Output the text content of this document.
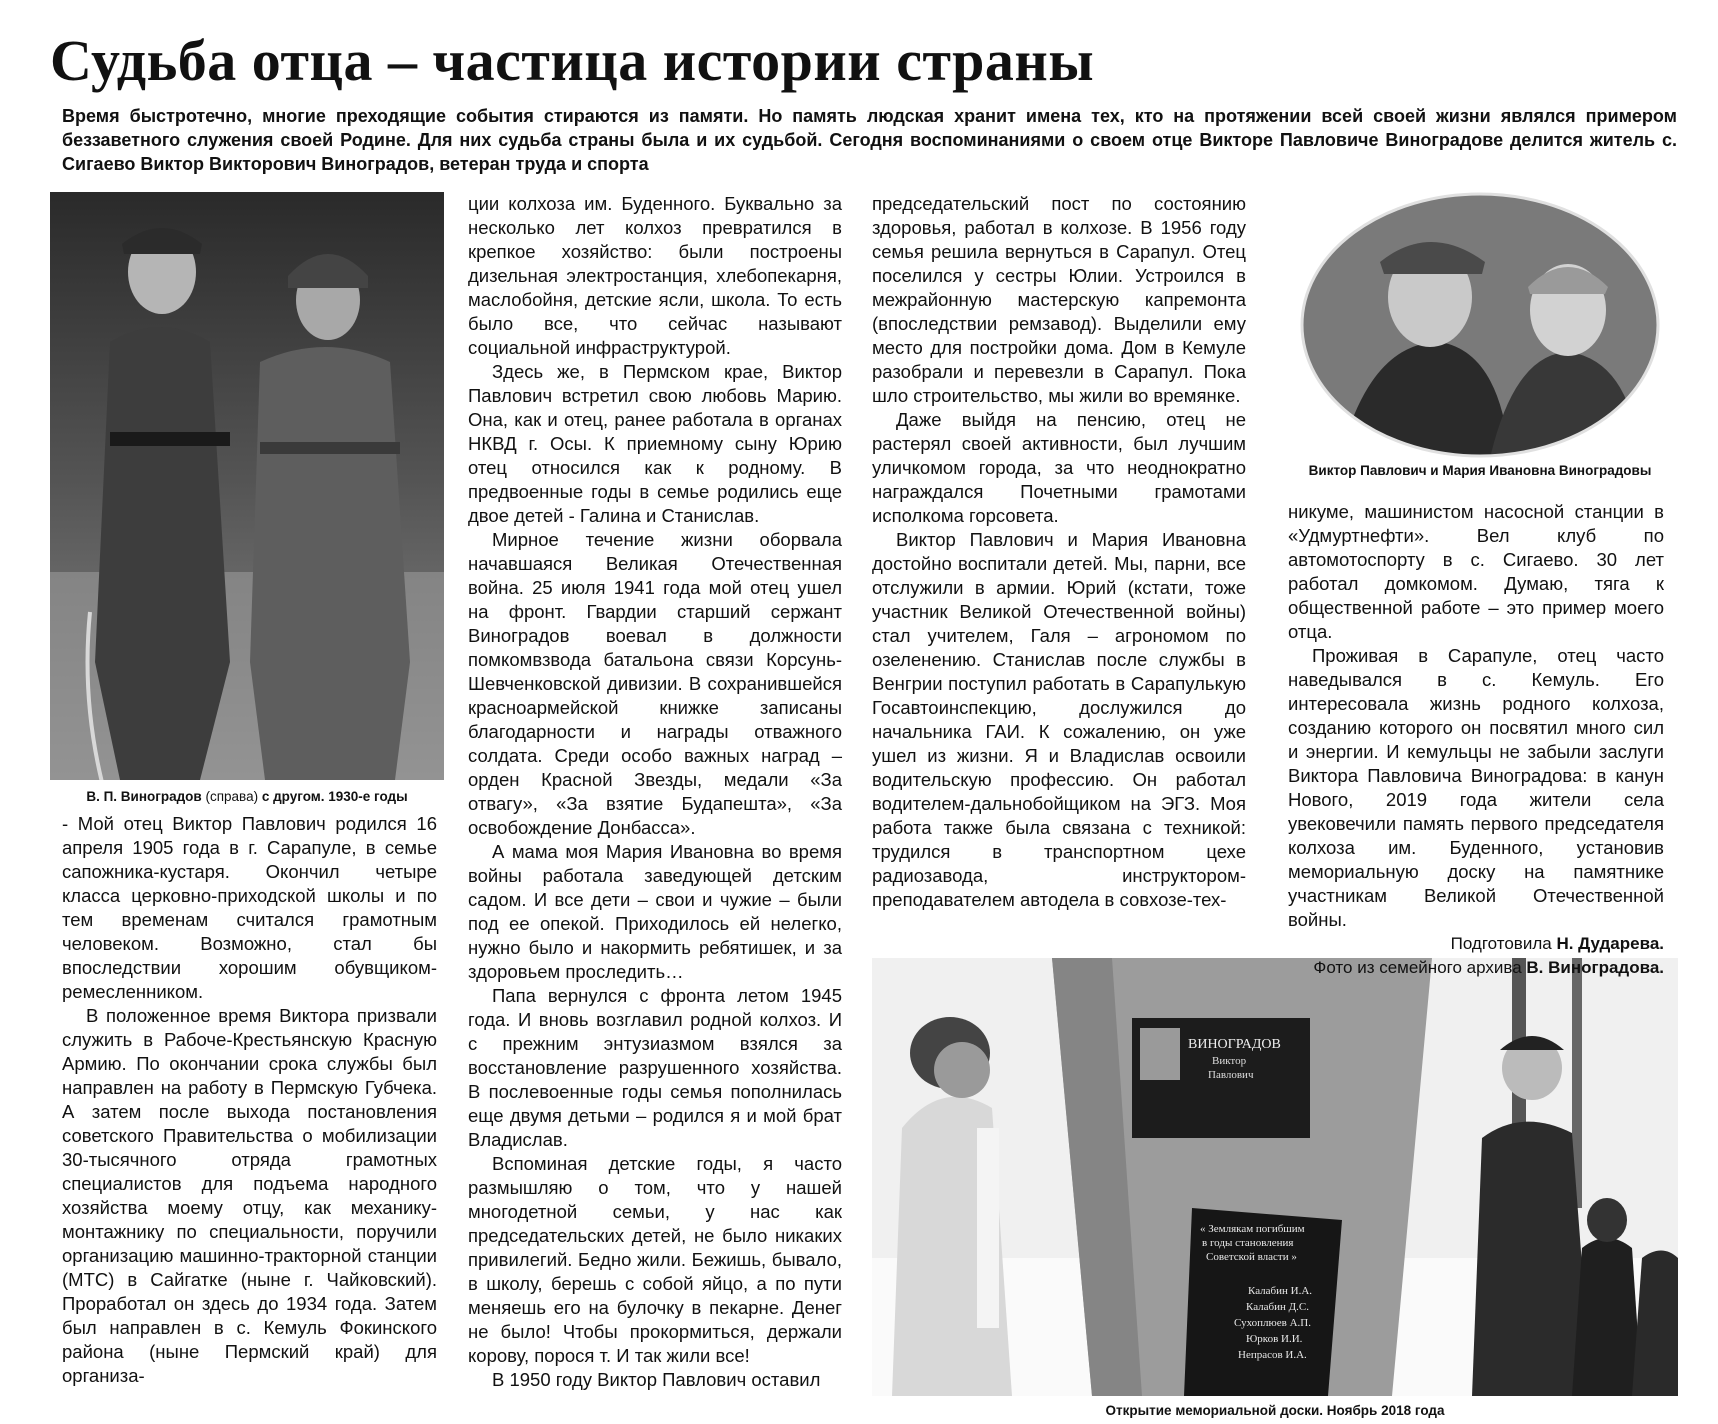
Судьба отца – частица истории страны

Время быстротечно, многие преходящие события стираются из памяти. Но память людская хранит имена тех, кто на протяжении всей своей жизни являлся примером беззаветного служения своей Родине. Для них судьба страны была и их судьбой. Сегодня воспоминаниями о своем отце Викторе Павловиче Виноградове делится житель с. Сигаево Виктор Викторович Виноградов, ветеран труда и спорта

В. П. Виноградов (справа) с другом. 1930-е годы
Виктор Павлович и Мария Ивановна Виноградовы
ВИНОГРАДОВ
Виктор
Павлович
« Землякам погибшим
в годы становления
Советской власти »
Калабин И.А.
Калабин Д.С.
Сухоплюев А.П.
Юрков И.И.
Непрасов И.А.
Открытие мемориальной доски. Ноябрь 2018 года

- Мой отец Виктор Павлович родился 16 апреля 1905 года в г. Сарапуле, в семье сапожника-кустаря. Окончил четыре класса церковно-приходской школы и по тем временам считался грамотным человеком. Возможно, стал бы впоследствии хорошим обувщиком-ремесленником.

В положенное время Виктора призвали служить в Рабоче-Крестьянскую Красную Армию. По окончании срока службы был направлен на работу в Пермскую Губчека. А затем после выхода постановления советского Правительства о мобилизации 30-тысячного отряда грамотных специалистов для подъема народного хозяйства моему отцу, как механику-монтажнику по специальности, поручили организацию машинно-тракторной станции (МТС) в Сайгатке (ныне г. Чайковский). Проработал он здесь до 1934 года. Затем был направлен в с. Кемуль Фокинского района (ныне Пермский край) для организа-

ции колхоза им. Буденного. Буквально за несколько лет колхоз превратился в крепкое хозяйство: были построены дизельная электростанция, хлебопекарня, маслобойня, детские ясли, школа. То есть было все, что сейчас называют социальной инфраструктурой.

Здесь же, в Пермском крае, Виктор Павлович встретил свою любовь Марию. Она, как и отец, ранее работала в органах НКВД г. Осы. К приемному сыну Юрию отец относился как к родному. В предвоенные годы в семье родились еще двое детей - Галина и Станислав.

Мирное течение жизни оборвала начавшаяся Великая Отечественная война. 25 июля 1941 года мой отец ушел на фронт. Гвардии старший сержант Виноградов воевал в должности помкомвзвода батальона связи Корсунь-Шевченковской дивизии. В сохранившейся красноармейской книжке записаны благодарности и награды отважного солдата. Среди особо важных наград – орден Красной Звезды, медали «За отвагу», «За взятие Будапешта», «За освобождение Донбасса».

А мама моя Мария Ивановна во время войны работала заведующей детским садом. И все дети – свои и чужие – были под ее опекой. Приходилось ей нелегко, нужно было и накормить ребятишек, и за здоровьем проследить…

Папа вернулся с фронта летом 1945 года. И вновь возглавил родной колхоз. И с прежним энтузиазмом взялся за восстановление разрушенного хозяйства. В послевоенные годы семья пополнилась еще двумя детьми – родился я и мой брат Владислав.

Вспоминая детские годы, я часто размышляю о том, что у нашей многодетной семьи, у нас как председательских детей, не было никаких привилегий. Бедно жили. Бежишь, бывало, в школу, берешь с собой яйцо, а по пути меняешь его на булочку в пекарне. Денег не было! Чтобы прокормиться, держали корову, порося т. И так жили все!

В 1950 году Виктор Павлович оставил

председательский пост по состоянию здоровья, работал в колхозе. В 1956 году семья решила вернуться в Сарапул. Отец поселился у сестры Юлии. Устроился в межрайонную мастерскую капремонта (впоследствии ремзавод). Выделили ему место для постройки дома. Дом в Кемуле разобрали и перевезли в Сарапул. Пока шло строительство, мы жили во времянке.

Даже выйдя на пенсию, отец не растерял своей активности, был лучшим уличкомом города, за что неоднократно награждался Почетными грамотами исполкома горсовета.

Виктор Павлович и Мария Ивановна достойно воспитали детей. Мы, парни, все отслужили в армии. Юрий (кстати, тоже участник Великой Отечественной войны) стал учителем, Галя – агрономом по озеленению. Станислав после службы в Венгрии поступил работать в Сарапулькую Госавтоинспекцию, дослужился до начальника ГАИ. К сожалению, он уже ушел из жизни. Я и Владислав освоили водительскую профессию. Он работал водителем-дальнобойщиком на ЭГЗ. Моя работа также была связана с техникой: трудился в транспортном цехе радиозавода, инструктором-преподавателем автодела в совхозе-тех-

никуме, машинистом насосной станции в «Удмуртнефти». Вел клуб по автомотоспорту в с. Сигаево. 30 лет работал домкомом. Думаю, тяга к общественной работе – это пример моего отца.

Проживая в Сарапуле, отец часто наведывался в с. Кемуль. Его интересовала жизнь родного колхоза, созданию которого он посвятил много сил и энергии. И кемульцы не забыли заслуги Виктора Павловича Виноградова: в канун Нового, 2019 года жители села увековечили память первого председателя колхоза им. Буденного, установив мемориальную доску на памятнике участникам Великой Отечественной войны.

Подготовила Н. Дударева.
Фото из семейного архива В. Виноградова.
